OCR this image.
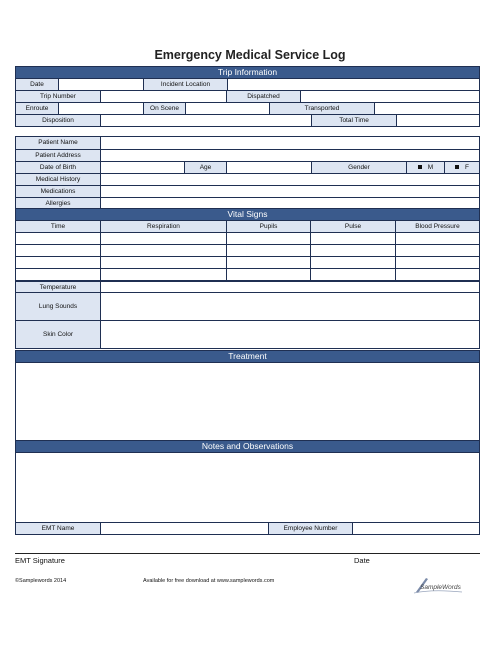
Emergency Medical Service Log
Trip Information
Date	Incident Location
Trip Number	Dispatched
Enroute	On Scene	Transported
Disposition	Total Time
Patient Name
Patient Address
Date of Birth	Age	Gender	M	F
Medical History
Medications
Allergies
Vital Signs
Time	Respiration	Pupils	Pulse	Blood Pressure
Temperature
Lung Sounds
Skin Color
Treatment
Notes and Observations
EMT Name	Employee Number
EMT Signature	Date
©Samplewords 2014	Available for free download at www.samplewords.com
SampleWords
